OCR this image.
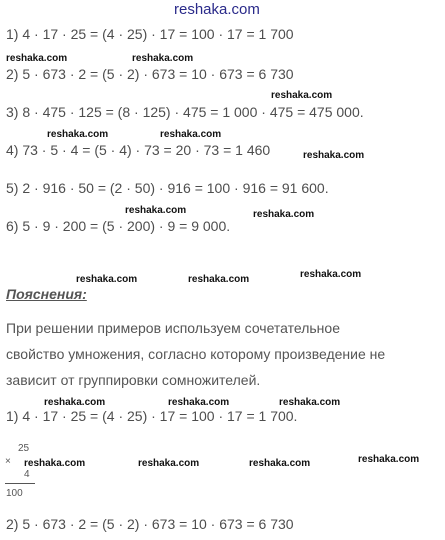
reshaka.com
1) 4 · 17 · 25 = (4 · 25) · 17 = 100 · 17 = 1 700
2) 5 · 673 · 2 = (5 · 2) · 673 = 10 · 673 = 6 730
3) 8 · 475 · 125 = (8 · 125) · 475 = 1 000 · 475 = 475 000.
4) 73 · 5 · 4 = (5 · 4) · 73 = 20 · 73 = 1 460
5) 2 · 916 · 50 = (2 · 50) · 916 = 100 · 916 = 91 600.
6) 5 · 9 · 200 = (5 · 200) · 9 = 9 000.
Пояснения:
При решении примеров используем сочетательное
свойство умножения, согласно которому произведение не
зависит от группировки сомножителей.
1) 4 · 17 · 25 = (4 · 25) · 17 = 100 · 17 = 1 700.
25
×
4
100
2) 5 · 673 · 2 = (5 · 2) · 673 = 10 · 673 = 6 730
reshaka.com	reshaka.com
reshaka.com
reshaka.com	reshaka.com
reshaka.com
reshaka.com	reshaka.com
reshaka.com	reshaka.com	reshaka.com
reshaka.com	reshaka.com	reshaka.com
reshaka.com	reshaka.com	reshaka.com	reshaka.com
